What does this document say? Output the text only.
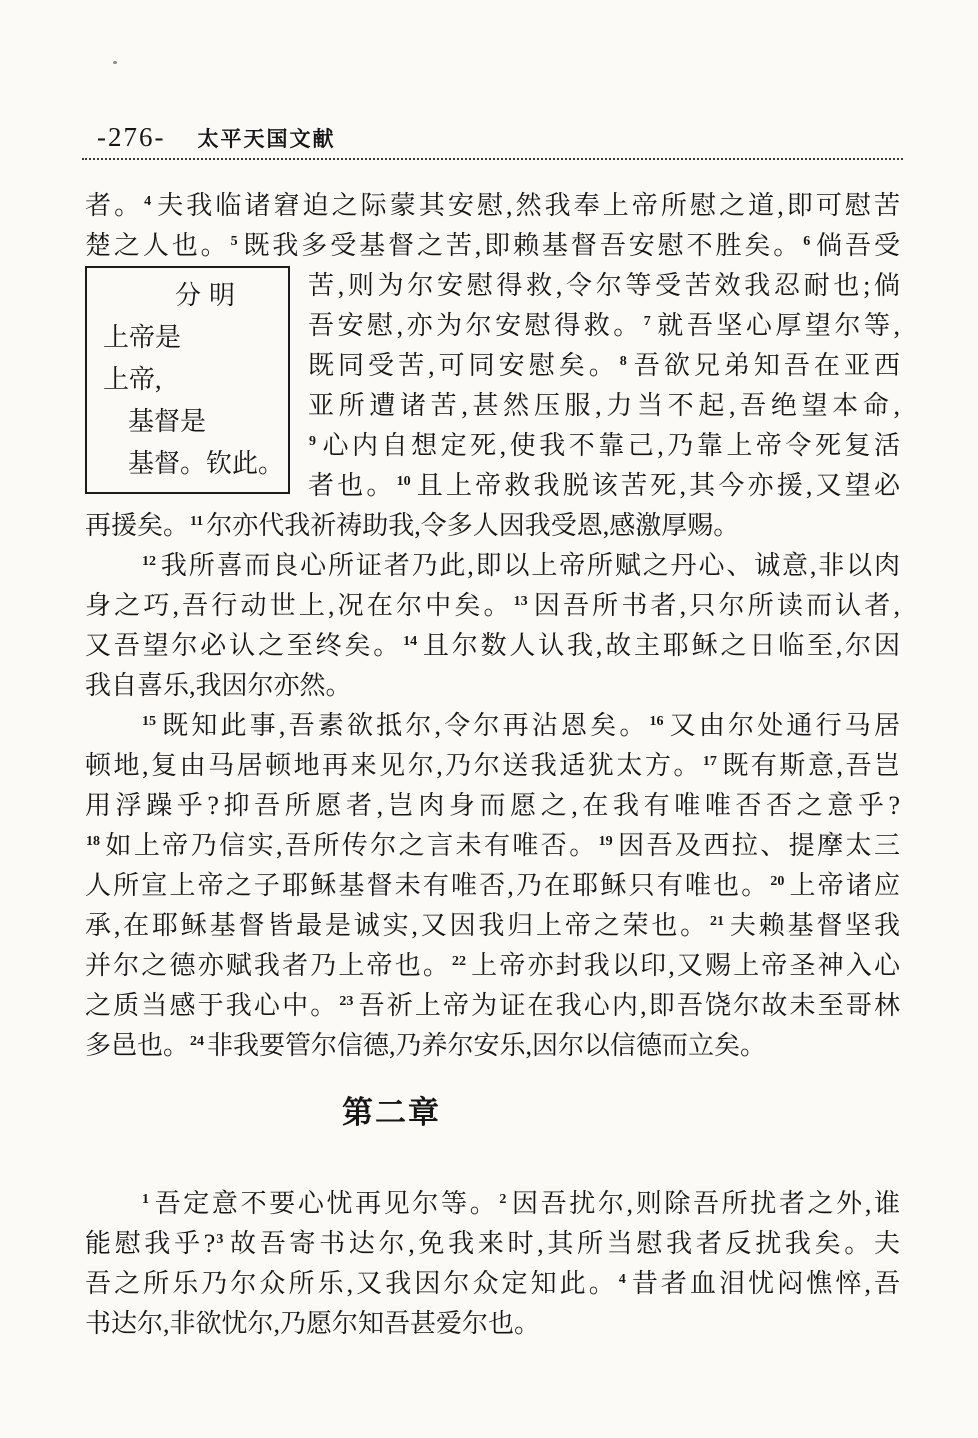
-276- 太平天国文献
者。$^4$ 夫我临诸窘迫之际蒙其安慰,然我奉上帝所慰之道,即可慰苦
楚之人也。$^5$ 既我多受基督之苦,即赖基督吾安慰不胜矣。$^6$ 倘吾受
分明
上帝是
上帝,
基督是
基督。钦此。
苦,则为尔安慰得救,令尔等受苦效我忍耐也;倘
吾安慰,亦为尔安慰得救。$^7$ 就吾坚心厚望尔等,
既同受苦,可同安慰矣。$^8$ 吾欲兄弟知吾在亚西
亚所遭诸苦,甚然压服,力当不起,吾绝望本命,
$^9$ 心内自想定死,使我不靠己,乃靠上帝令死复活
者也。$^{10}$ 且上帝救我脱该苦死,其今亦援,又望必
再援矣。$^{11}$ 尔亦代我祈祷助我,令多人因我受恩,感激厚赐。
$^{12}$ 我所喜而良心所证者乃此,即以上帝所赋之丹心、诚意,非以肉
身之巧,吾行动世上,况在尔中矣。$^{13}$ 因吾所书者,只尔所读而认者,
又吾望尔必认之至终矣。$^{14}$ 且尔数人认我,故主耶稣之日临至,尔因
我自喜乐,我因尔亦然。
$^{15}$ 既知此事,吾素欲抵尔,令尔再沾恩矣。$^{16}$ 又由尔处通行马居
顿地,复由马居顿地再来见尔,乃尔送我适犹太方。$^{17}$ 既有斯意,吾岂
用浮躁乎?抑吾所愿者,岂肉身而愿之,在我有唯唯否否之意乎?
$^{18}$ 如上帝乃信实,吾所传尔之言未有唯否。$^{19}$ 因吾及西拉、提摩太三
人所宣上帝之子耶稣基督未有唯否,乃在耶稣只有唯也。$^{20}$ 上帝诸应
承,在耶稣基督皆最是诚实,又因我归上帝之荣也。$^{21}$ 夫赖基督坚我
并尔之德亦赋我者乃上帝也。$^{22}$ 上帝亦封我以印,又赐上帝圣神入心
之质当感于我心中。$^{23}$ 吾祈上帝为证在我心内,即吾饶尔故未至哥林
多邑也。$^{24}$ 非我要管尔信德,乃养尔安乐,因尔以信德而立矣。
第二章
$^1$ 吾定意不要心忧再见尔等。$^2$ 因吾扰尔,则除吾所扰者之外,谁
能慰我乎?$^3$ 故吾寄书达尔,免我来时,其所当慰我者反扰我矣。夫
吾之所乐乃尔众所乐,又我因尔众定知此。$^4$ 昔者血泪忧闷憔悴,吾
书达尔,非欲忧尔,乃愿尔知吾甚爱尔也。
